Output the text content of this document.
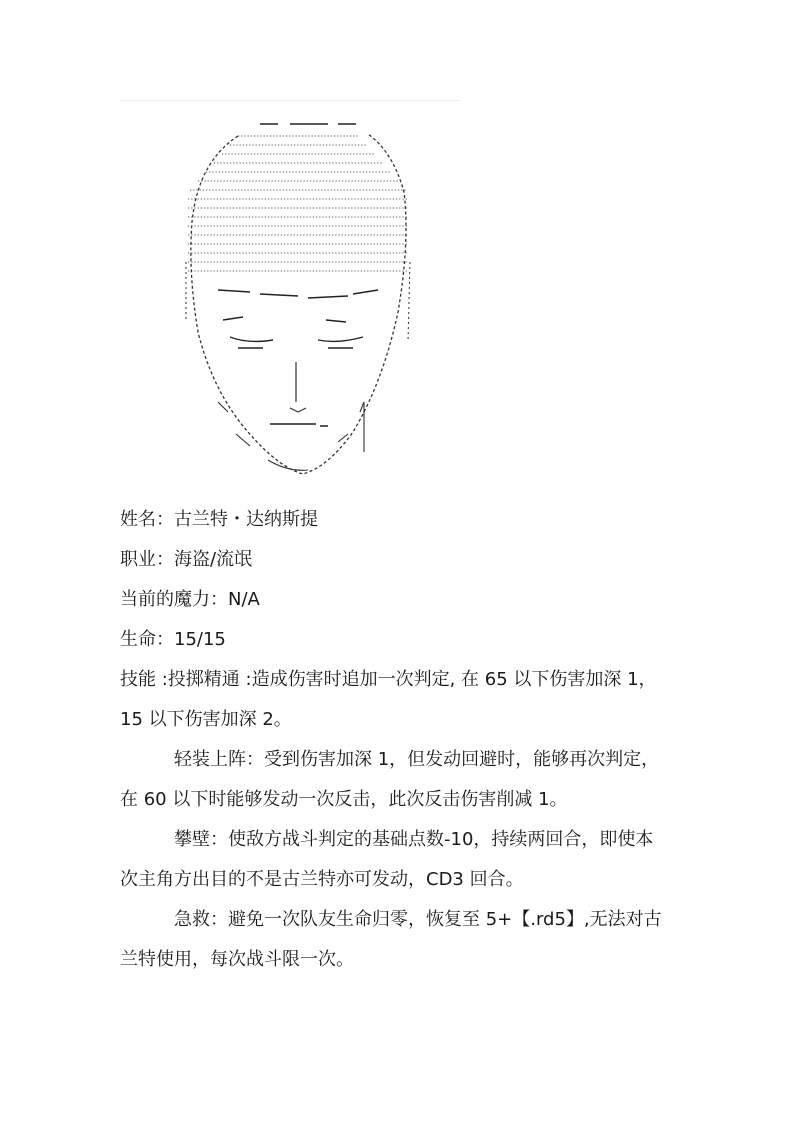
姓名：古兰特・达纳斯提

职业：海盗/流氓

当前的魔力：N/A

生命：15/15

技能 :投掷精通 :造成伤害时追加一次判定, 在 65 以下伤害加深 1，

15 以下伤害加深 2。

轻装上阵：受到伤害加深 1，但发动回避时，能够再次判定，

在 60 以下时能够发动一次反击，此次反击伤害削减 1。

攀壁：使敌方战斗判定的基础点数-10，持续两回合，即使本

次主角方出目的不是古兰特亦可发动，CD3 回合。

急救：避免一次队友生命归零，恢复至 5+【.rd5】,无法对古

兰特使用，每次战斗限一次。
